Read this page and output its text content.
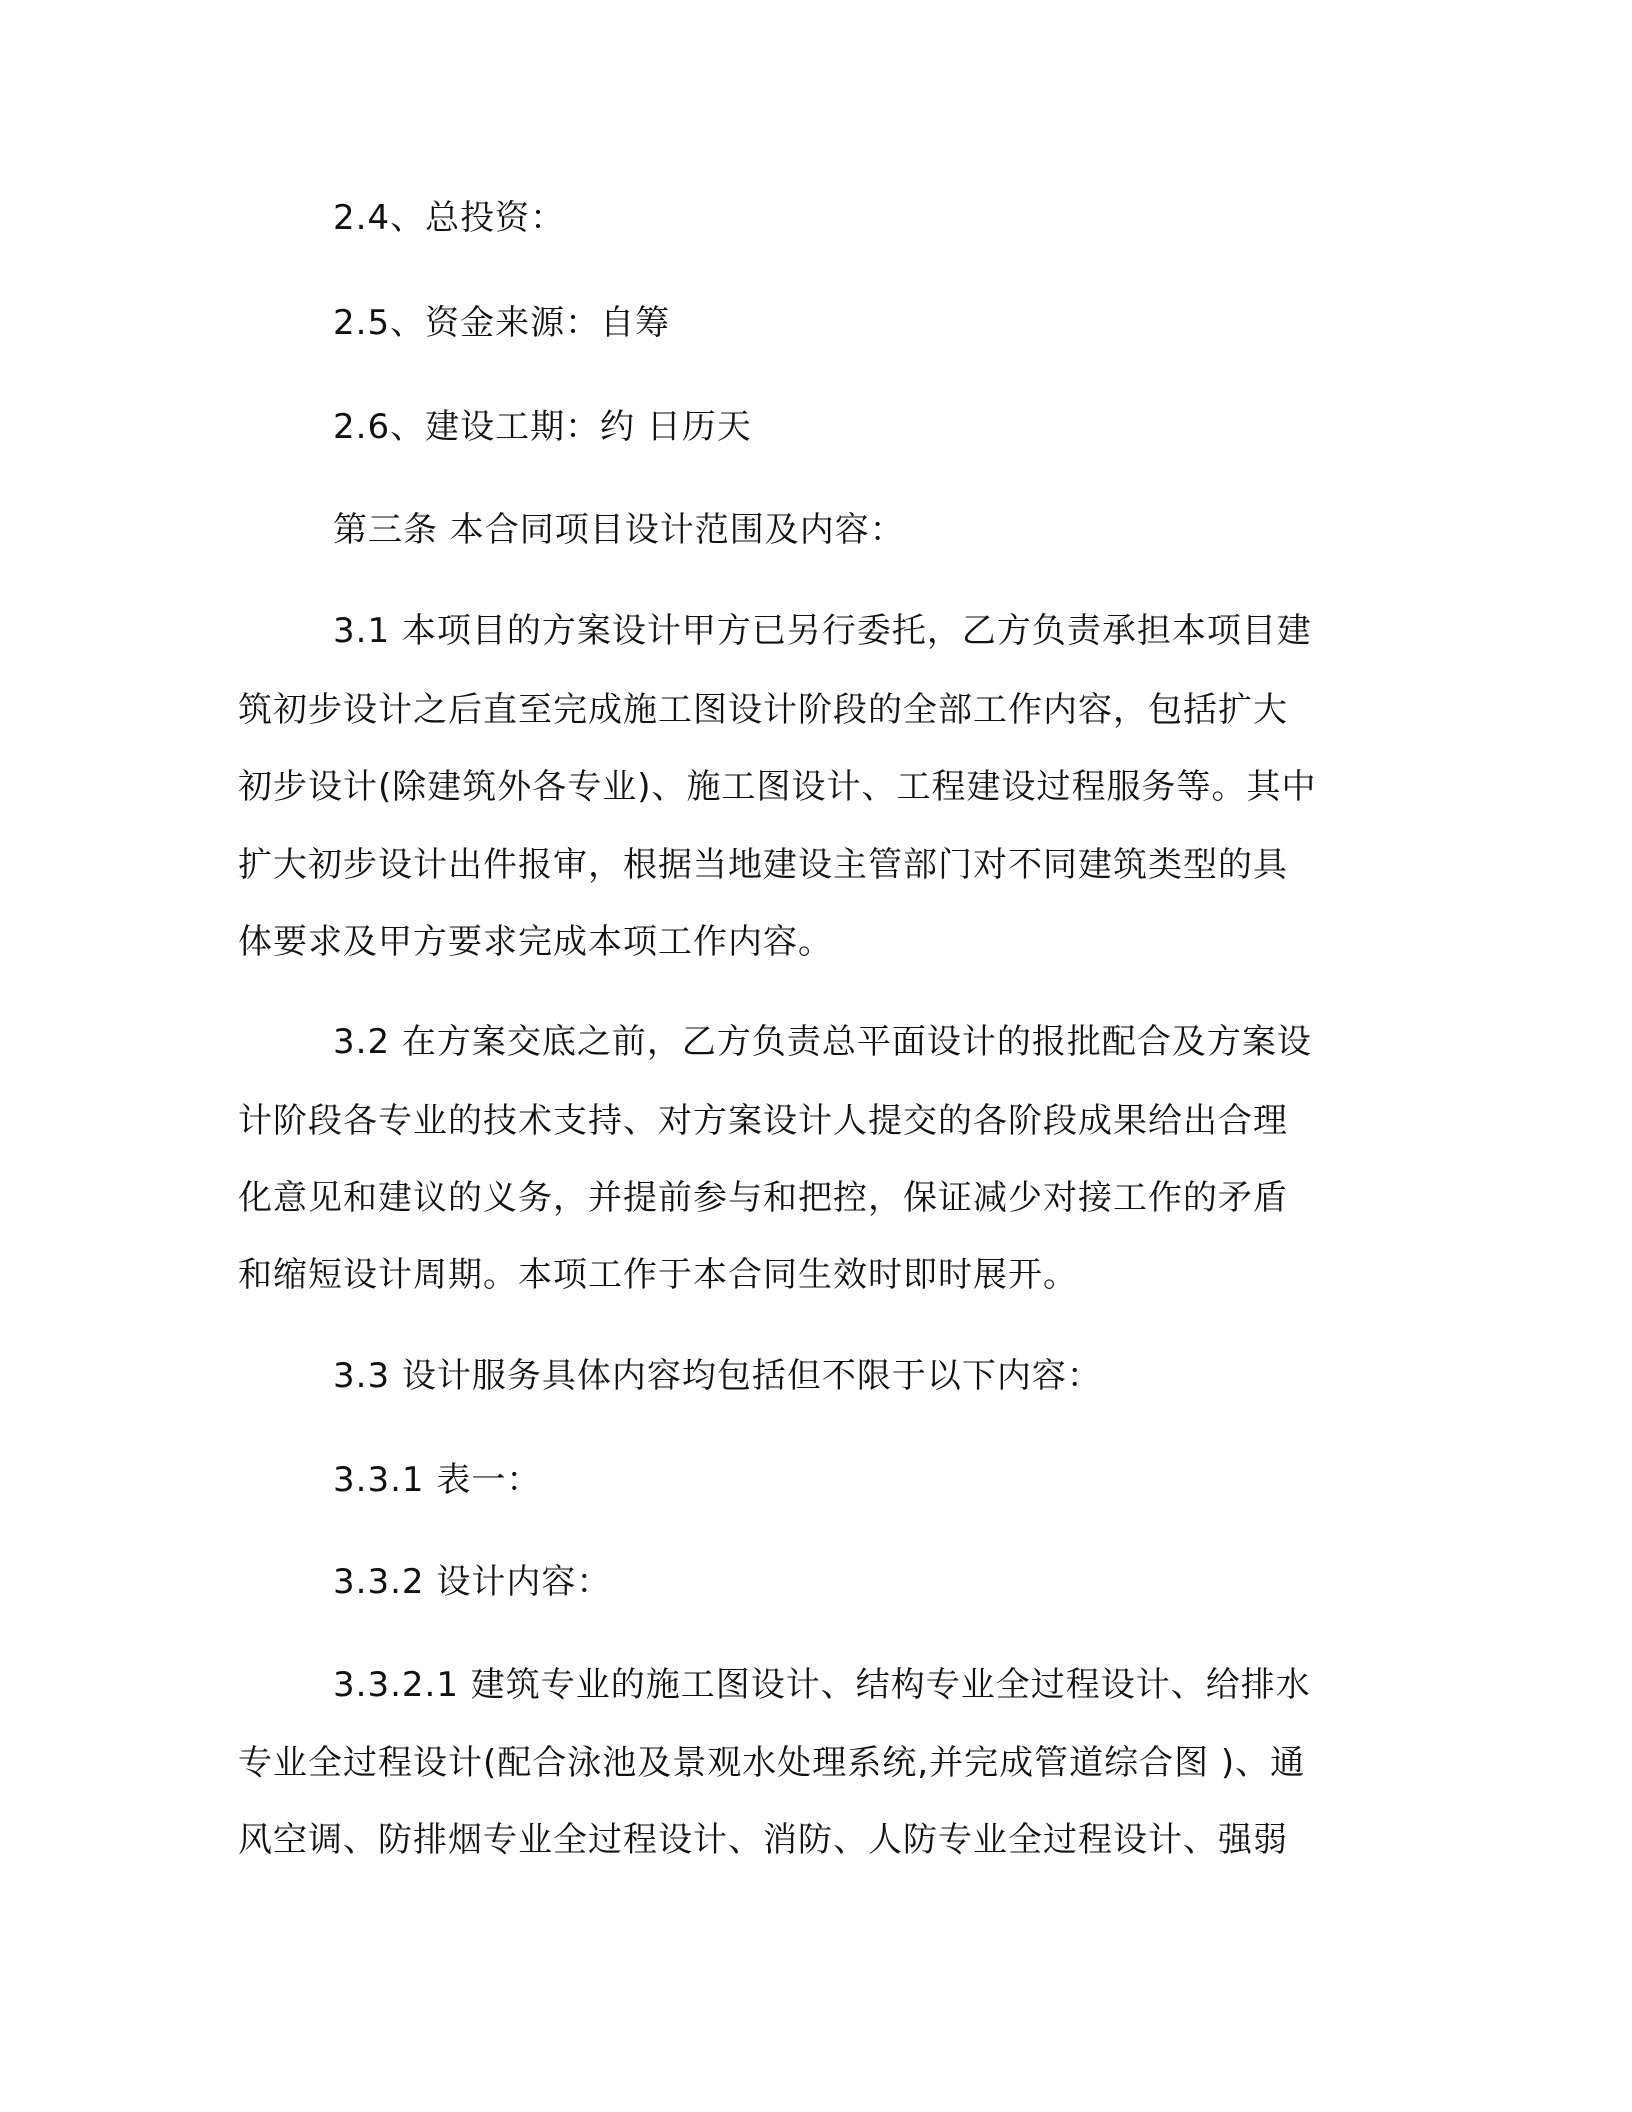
2.4、总投资：
2.5、资金来源：自筹
2.6、建设工期：约 日历天
第三条 本合同项目设计范围及内容：
3.1 本项目的方案设计甲方已另行委托，乙方负责承担本项目建
筑初步设计之后直至完成施工图设计阶段的全部工作内容，包括扩大
初步设计(除建筑外各专业)、施工图设计、工程建设过程服务等。其中
扩大初步设计出件报审，根据当地建设主管部门对不同建筑类型的具
体要求及甲方要求完成本项工作内容。
3.2 在方案交底之前，乙方负责总平面设计的报批配合及方案设
计阶段各专业的技术支持、对方案设计人提交的各阶段成果给出合理
化意见和建议的义务，并提前参与和把控，保证减少对接工作的矛盾
和缩短设计周期。本项工作于本合同生效时即时展开。
3.3 设计服务具体内容均包括但不限于以下内容：
3.3.1 表一：
3.3.2 设计内容：
3.3.2.1 建筑专业的施工图设计、结构专业全过程设计、给排水
专业全过程设计(配合泳池及景观水处理系统,并完成管道综合图 )、通
风空调、防排烟专业全过程设计、消防、人防专业全过程设计、强弱
